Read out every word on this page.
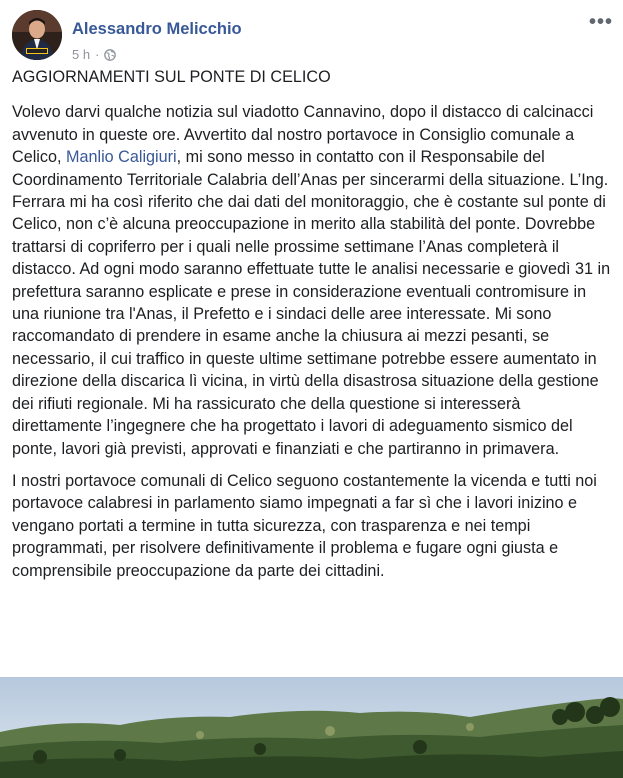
Alessandro Melicchio
5 h ·
•••

AGGIORNAMENTI SUL PONTE DI CELICO

Volevo darvi qualche notizia sul viadotto Cannavino, dopo il distacco di calcinacci avvenuto in queste ore. Avvertito dal nostro portavoce in Consiglio comunale a Celico, Manlio Caligiuri, mi sono messo in contatto con il Responsabile del Coordinamento Territoriale Calabria dell’Anas per sincerarmi della situazione. L’Ing. Ferrara mi ha così riferito che dai dati del monitoraggio, che è costante sul ponte di Celico, non c’è alcuna preoccupazione in merito alla stabilità del ponte. Dovrebbe trattarsi di copriferro per i quali nelle prossime settimane l’Anas completerà il distacco. Ad ogni modo saranno effettuate tutte le analisi necessarie e giovedì 31 in prefettura saranno esplicate e prese in considerazione eventuali contromisure in una riunione tra l'Anas, il Prefetto e i sindaci delle aree interessate. Mi sono raccomandato di prendere in esame anche la chiusura ai mezzi pesanti, se necessario, il cui traffico in queste ultime settimane potrebbe essere aumentato in direzione della discarica lì vicina, in virtù della disastrosa situazione della gestione dei rifiuti regionale. Mi ha rassicurato che della questione si interesserà direttamente l’ingegnere che ha progettato i lavori di adeguamento sismico del ponte, lavori già previsti, approvati e finanziati e che partiranno in primavera.

I nostri portavoce comunali di Celico seguono costantemente la vicenda e tutti noi portavoce calabresi in parlamento siamo impegnati a far sì che i lavori inizino e vengano portati a termine in tutta sicurezza, con trasparenza e nei tempi programmati, per risolvere definitivamente il problema e fugare ogni giusta e comprensibile preoccupazione da parte dei cittadini.
